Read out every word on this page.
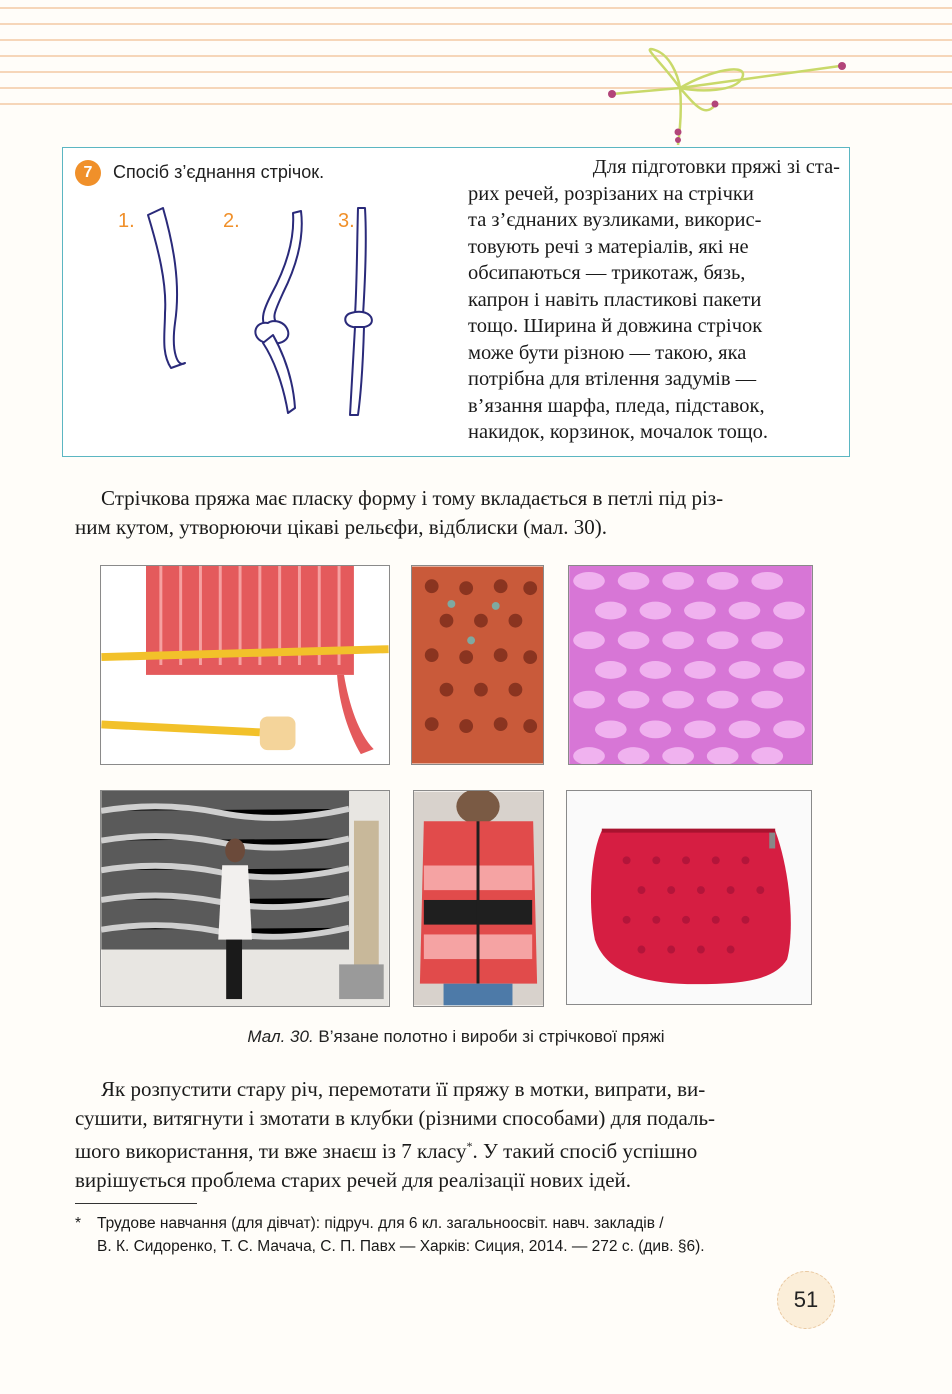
7	Спосіб з’єднання стрічок.
1.	2.	3.
Для підготовки пряжі зі ста-
рих речей, розрізаних на стрічки
та з’єднаних вузликами, викорис-
товують речі з матеріалів, які не
обсипаються — трикотаж, бязь,
капрон і навіть пластикові пакети
тощо. Ширина й довжина стрічок
може бути різною — такою, яка
потрібна для втілення задумів —
в’язання шарфа, пледа, підставок,
накидок, корзинок, мочалок тощо.
Стрічкова пряжа має пласку форму і тому вкладається в петлі під різ-
ним кутом, утворюючи цікаві рельєфи, відблиски (мал. 30).
Мал. 30. В’язане полотно і вироби зі стрічкової пряжі
Як розпустити стару річ, перемотати її пряжу в мотки, випрати, ви-
сушити, витягнути і змотати в клубки (різними способами) для подаль-
шого використання, ти вже знаєш із 7 класу*. У такий спосіб успішно
вирішується проблема старих речей для реалізації нових ідей.
* Трудове навчання (для дівчат): підруч. для 6 кл. загальноосвіт. навч. закладів /
В. К. Сидоренко, Т. С. Мачача, С. П. Павх — Харків: Сиция, 2014. — 272 с. (див. §6).
51
